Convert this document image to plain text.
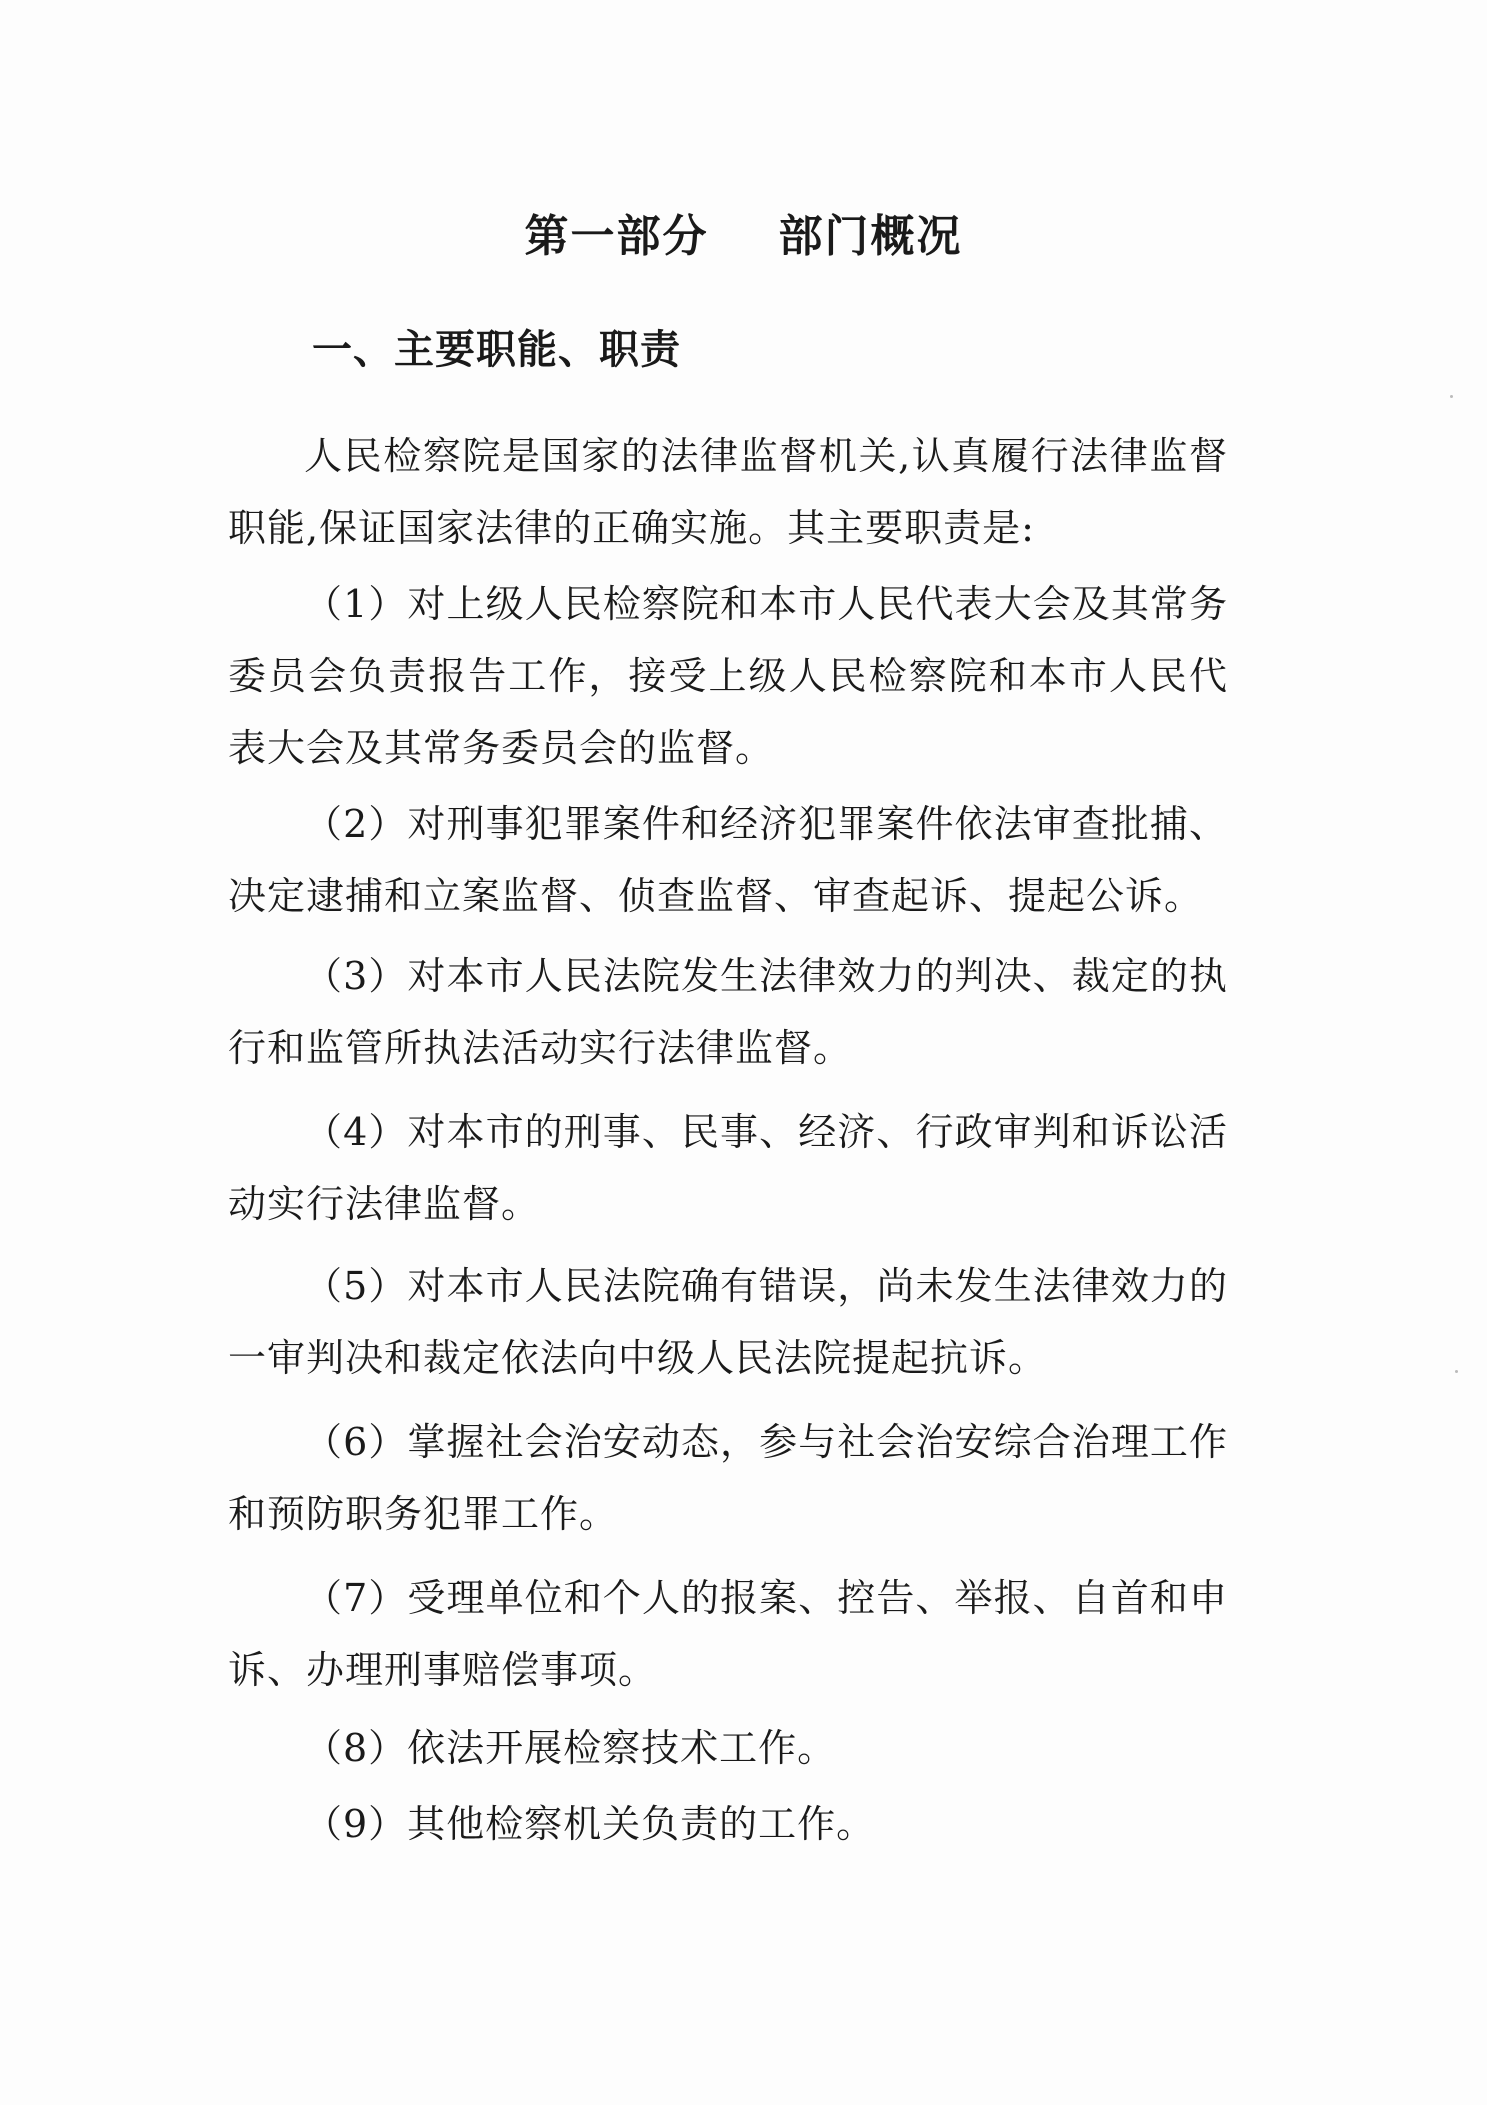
第一部分 部门概况
一、主要职能、职责

人民检察院是国家的法律监督机关,认真履行法律监督职能,保证国家法律的正确实施。其主要职责是:

（1）对上级人民检察院和本市人民代表大会及其常务委员会负责报告工作，接受上级人民检察院和本市人民代表大会及其常务委员会的监督。

（2）对刑事犯罪案件和经济犯罪案件依法审查批捕、决定逮捕和立案监督、侦查监督、审查起诉、提起公诉。

（3）对本市人民法院发生法律效力的判决、裁定的执行和监管所执法活动实行法律监督。

（4）对本市的刑事、民事、经济、行政审判和诉讼活动实行法律监督。

（5）对本市人民法院确有错误，尚未发生法律效力的一审判决和裁定依法向中级人民法院提起抗诉。

（6）掌握社会治安动态，参与社会治安综合治理工作和预防职务犯罪工作。

（7）受理单位和个人的报案、控告、举报、自首和申诉、办理刑事赔偿事项。

（8）依法开展检察技术工作。

（9）其他检察机关负责的工作。
